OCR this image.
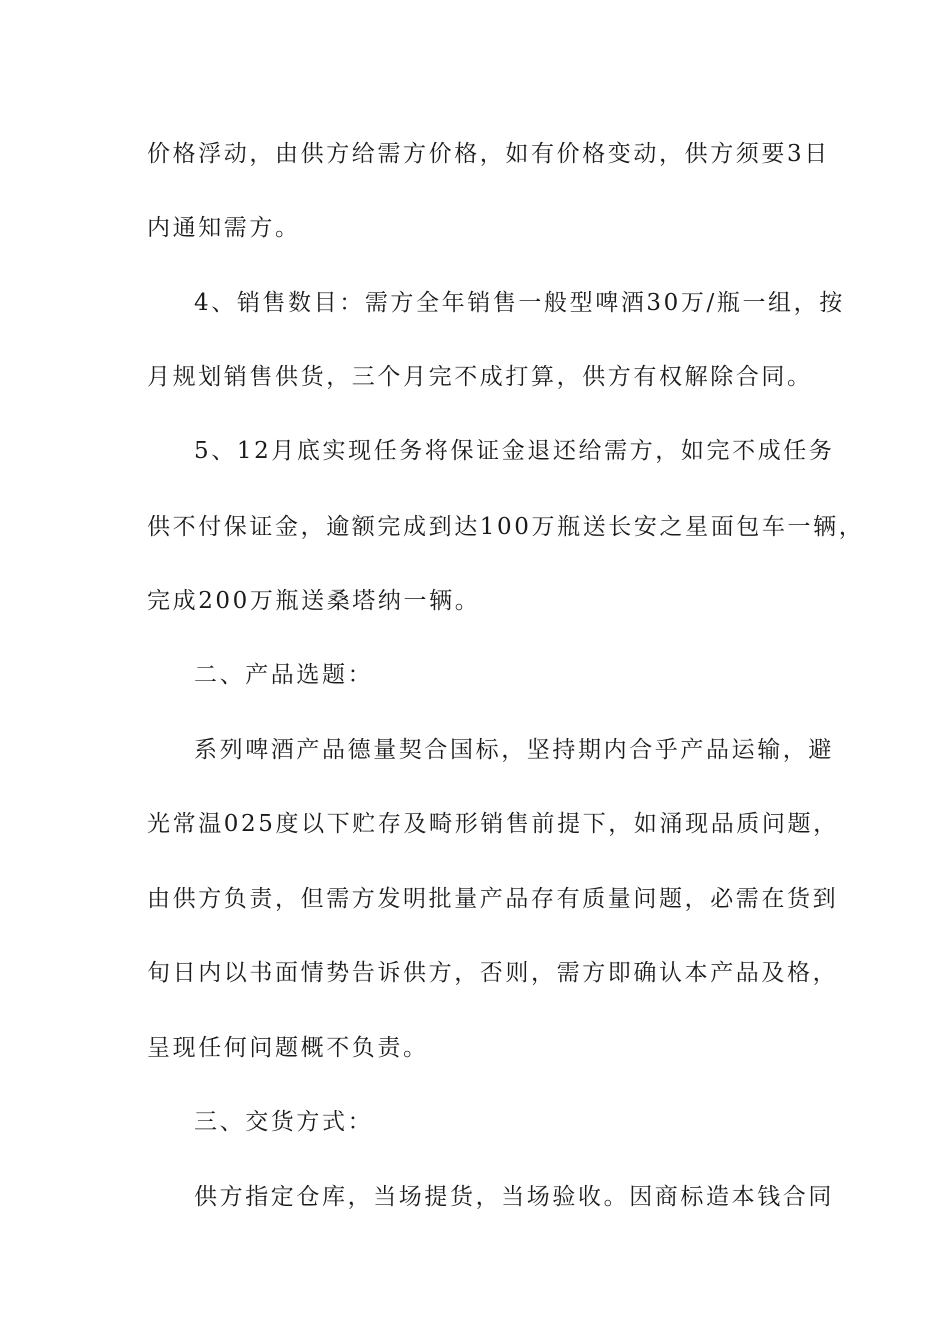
价格浮动，由供方给需方价格，如有价格变动，供方须要3日
内通知需方。
4、销售数目：需方全年销售一般型啤酒30万/瓶一组，按
月规划销售供货，三个月完不成打算，供方有权解除合同。
5、12月底实现任务将保证金退还给需方，如完不成任务
供不付保证金，逾额完成到达100万瓶送长安之星面包车一辆，
完成200万瓶送桑塔纳一辆。
二、产品选题：
系列啤酒产品德量契合国标，坚持期内合乎产品运输，避
光常温025度以下贮存及畸形销售前提下，如涌现品质问题，
由供方负责，但需方发明批量产品存有质量问题，必需在货到
旬日内以书面情势告诉供方，否则，需方即确认本产品及格，
呈现任何问题概不负责。
三、交货方式：
供方指定仓库，当场提货，当场验收。因商标造本钱合同
